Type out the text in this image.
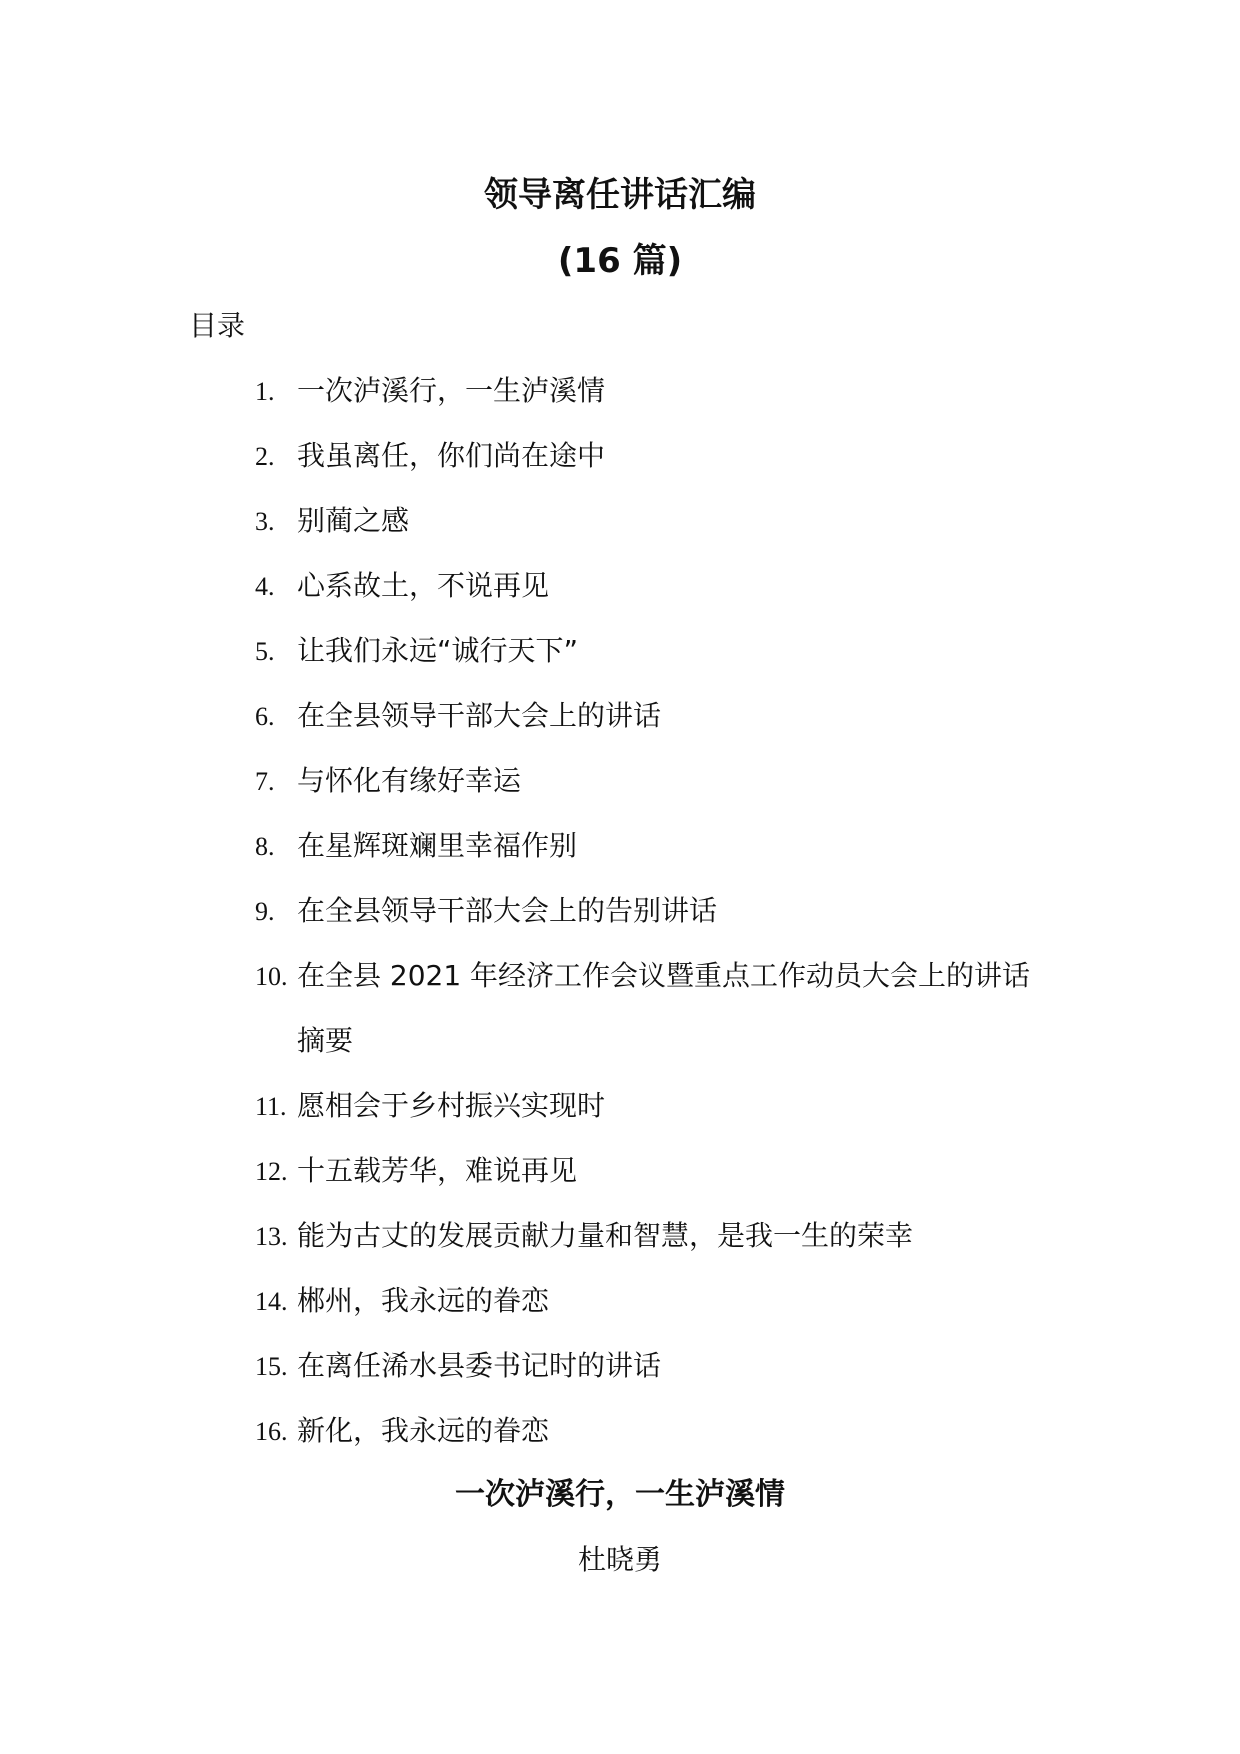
领导离任讲话汇编
(16 篇)

目录

1. 一次泸溪行，一生泸溪情
2. 我虽离任，你们尚在途中
3. 别蔺之感
4. 心系故土，不说再见
5. 让我们永远“诚行天下”
6. 在全县领导干部大会上的讲话
7. 与怀化有缘好幸运
8. 在星辉斑斓里幸福作别
9. 在全县领导干部大会上的告别讲话
10. 在全县 2021 年经济工作会议暨重点工作动员大会上的讲话摘要
11. 愿相会于乡村振兴实现时
12. 十五载芳华，难说再见
13. 能为古丈的发展贡献力量和智慧，是我一生的荣幸
14. 郴州，我永远的眷恋
15. 在离任浠水县委书记时的讲话
16. 新化，我永远的眷恋
一次泸溪行，一生泸溪情

杜晓勇
